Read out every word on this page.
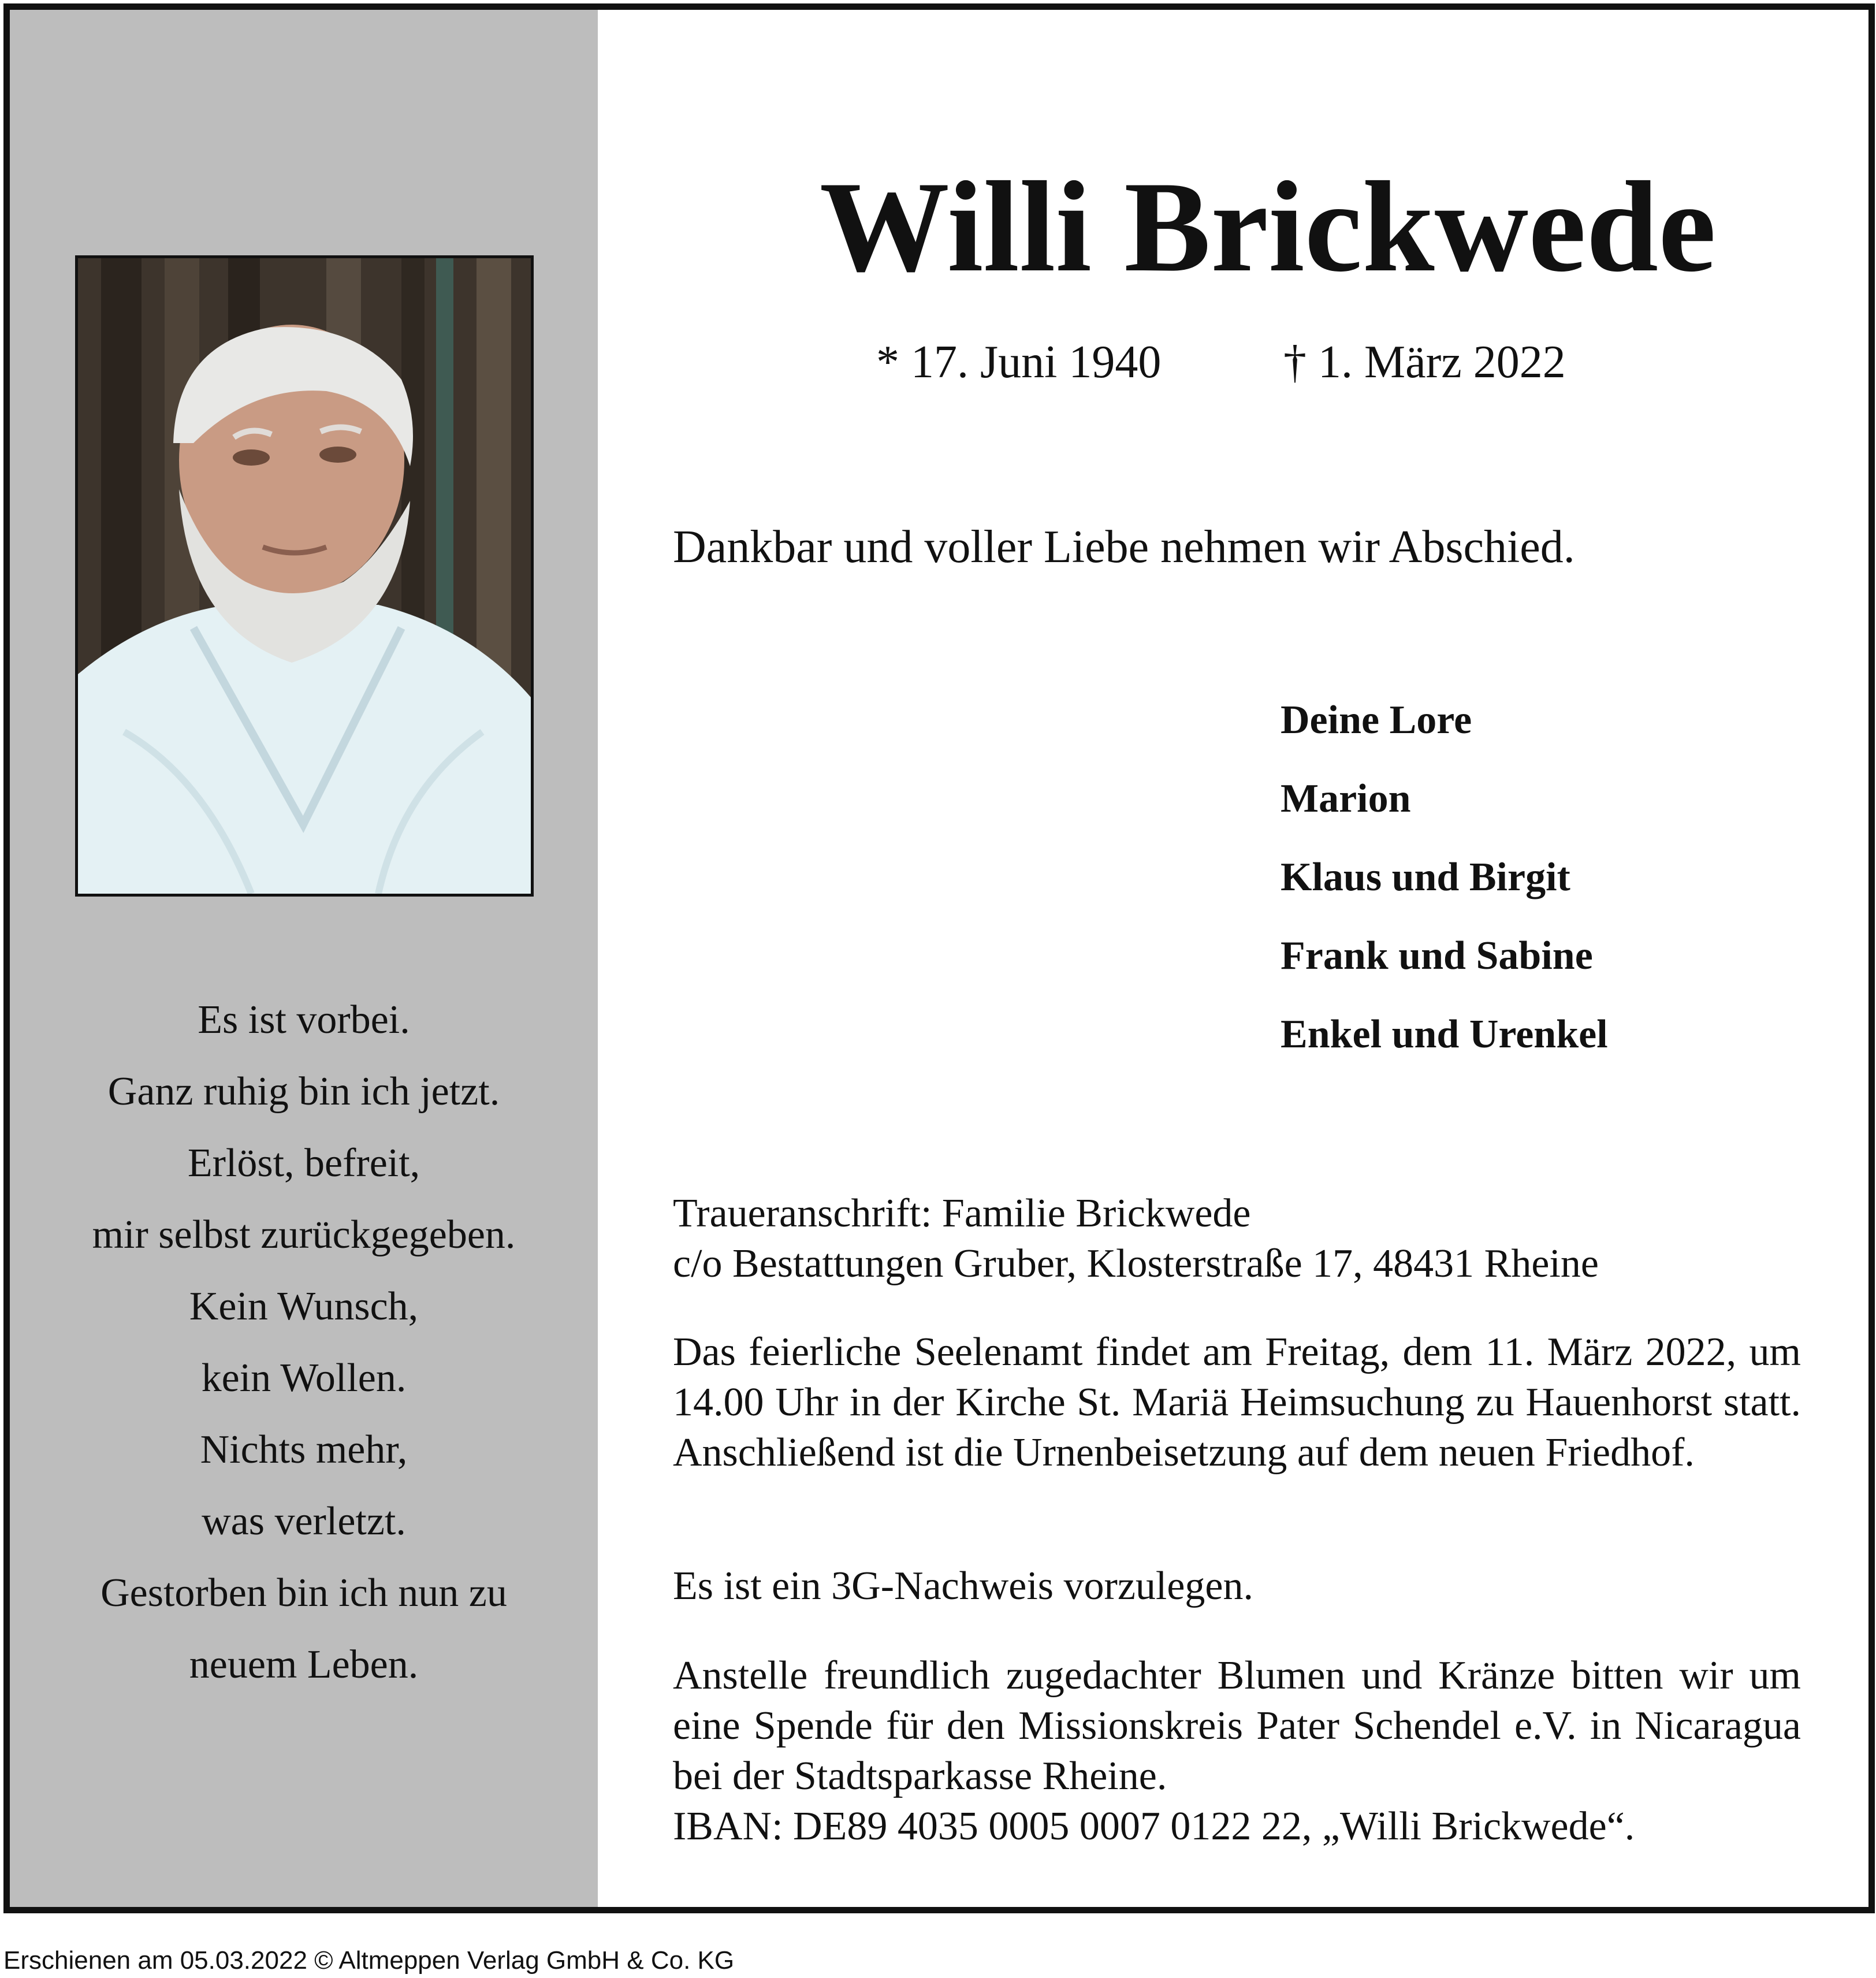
Es ist vorbei.
Ganz ruhig bin ich jetzt.
Erlöst, befreit,
mir selbst zurückgegeben.
Kein Wunsch,
kein Wollen.
Nichts mehr,
was verletzt.
Gestorben bin ich nun zu
neuem Leben.
Willi Brickwede
* 17. Juni 1940	† 1. März 2022
Dankbar und voller Liebe nehmen wir Abschied.
Deine Lore
Marion
Klaus und Birgit
Frank und Sabine
Enkel und Urenkel
Traueranschrift: Familie Brickwede
c/o Bestattungen Gruber, Klosterstraße 17, 48431 Rheine

Das feierliche Seelenamt findet am Freitag, dem 11. März 2022, um 14.00 Uhr in der Kirche St. Mariä Heimsuchung zu Hauenhorst statt. Anschließend ist die Urnenbeisetzung auf dem neuen Friedhof.

Es ist ein 3G-Nachweis vorzulegen.

Anstelle freundlich zugedachter Blumen und Kränze bitten wir um eine Spende für den Missionskreis Pater Schendel e.V. in Nicaragua bei der Stadtsparkasse Rheine.
IBAN: DE89 4035 0005 0007 0122 22, „Willi Brickwede“.
Erschienen am 05.03.2022 © Altmeppen Verlag GmbH & Co. KG
